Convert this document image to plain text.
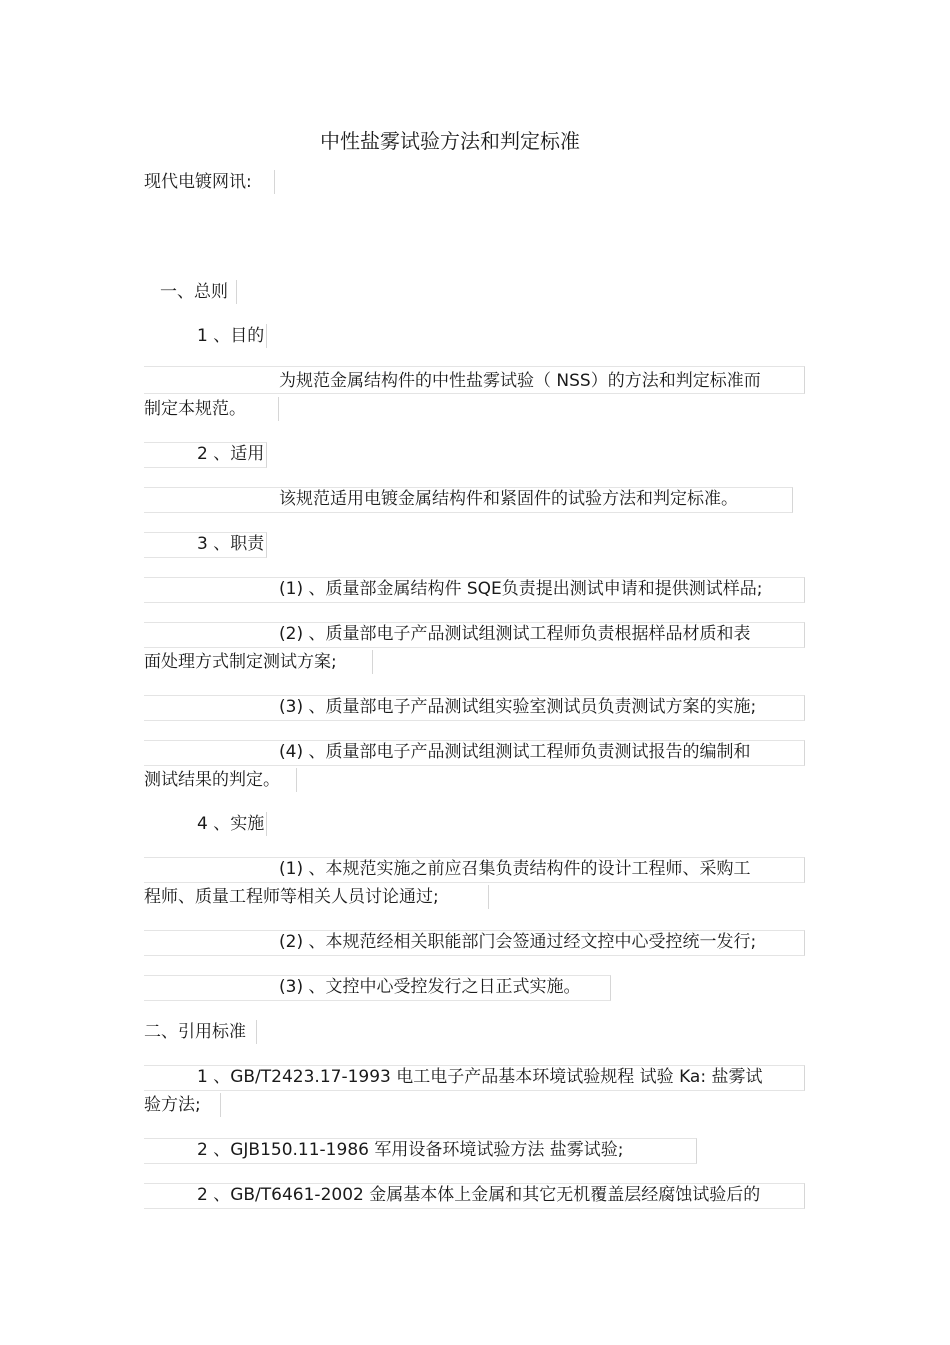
中性盐雾试验方法和判定标准
现代电镀网讯:
一、总则
1 、目的
为规范金属结构件的中性盐雾试验（ NSS）的方法和判定标准而
制定本规范。
2 、适用
该规范适用电镀金属结构件和紧固件的试验方法和判定标准。
3 、职责
(1) 、质量部金属结构件 SQE负责提出测试申请和提供测试样品;
(2) 、质量部电子产品测试组测试工程师负责根据样品材质和表
面处理方式制定测试方案;
(3) 、质量部电子产品测试组实验室测试员负责测试方案的实施;
(4) 、质量部电子产品测试组测试工程师负责测试报告的编制和
测试结果的判定。
4 、实施
(1) 、本规范实施之前应召集负责结构件的设计工程师、采购工
程师、质量工程师等相关人员讨论通过;
(2) 、本规范经相关职能部门会签通过经文控中心受控统一发行;
(3) 、文控中心受控发行之日正式实施。
二、引用标准
1 、GB/T2423.17-1993 电工电子产品基本环境试验规程 试验 Ka: 盐雾试
验方法;
2 、GJB150.11-1986 军用设备环境试验方法 盐雾试验;
2 、GB/T6461-2002 金属基本体上金属和其它无机覆盖层经腐蚀试验后的
